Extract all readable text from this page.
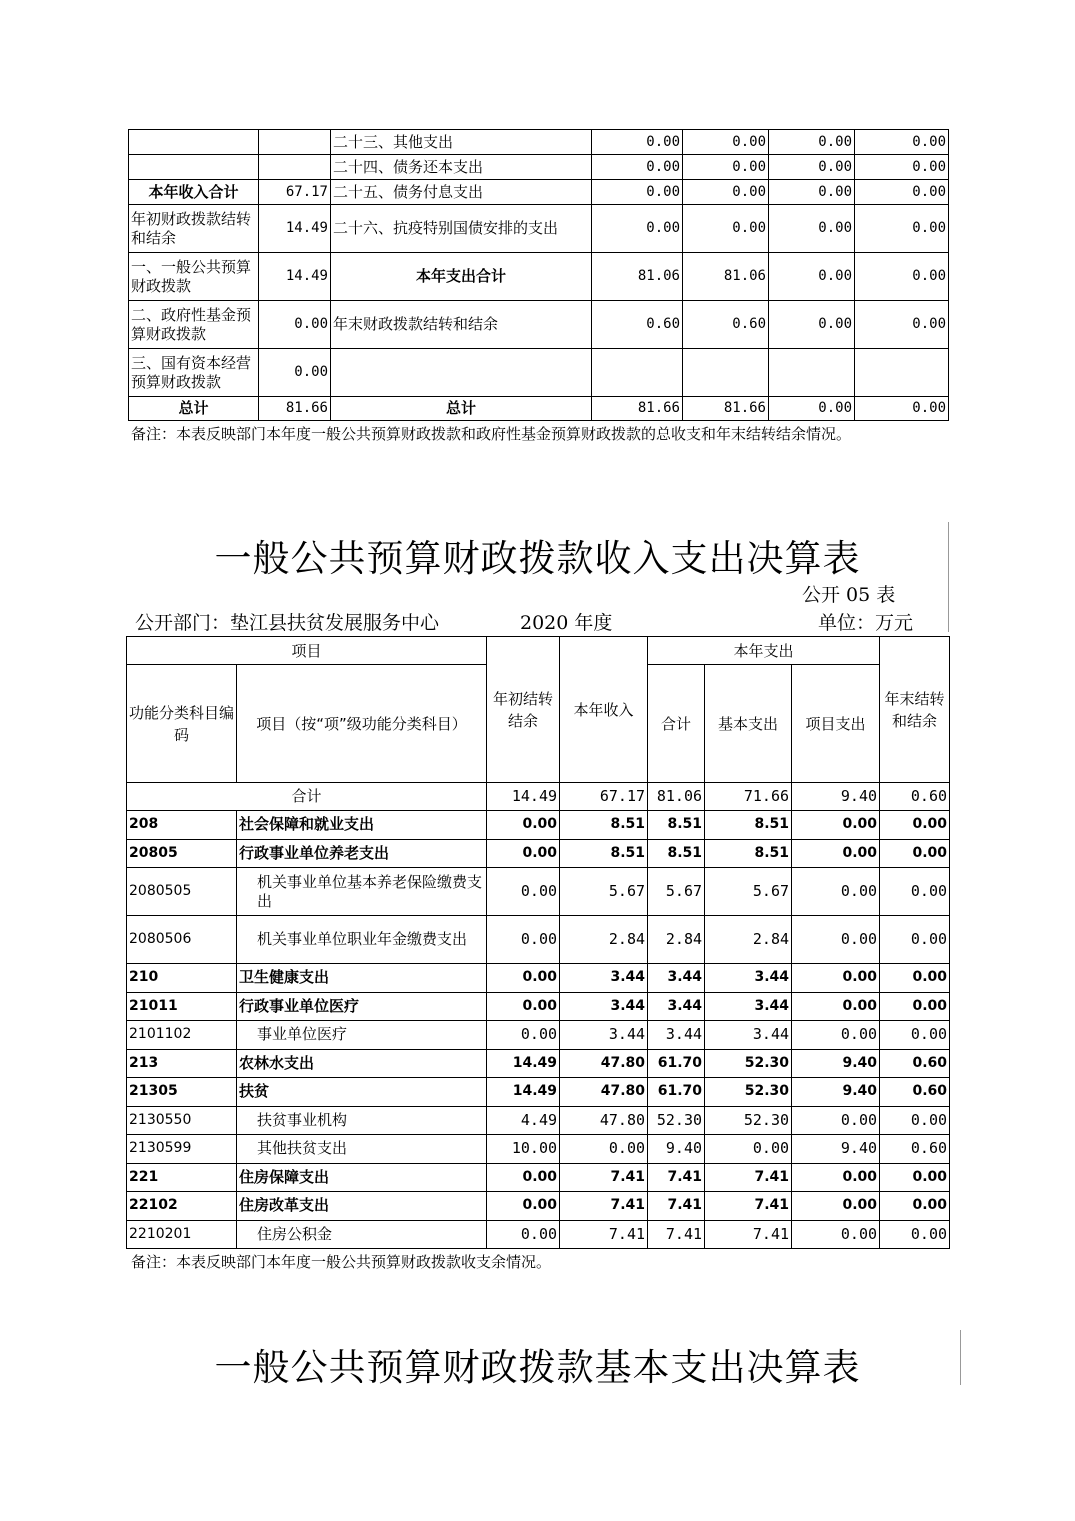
		二十三、其他支出	0.00	0.00	0.00	0.00
		二十四、债务还本支出	0.00	0.00	0.00	0.00
本年收入合计	67.17	二十五、债务付息支出	0.00	0.00	0.00	0.00
年初财政拨款结转和结余	14.49	二十六、抗疫特别国债安排的支出	0.00	0.00	0.00	0.00
一、一般公共预算财政拨款	14.49	本年支出合计	81.06	81.06	0.00	0.00
二、政府性基金预算财政拨款	0.00	年末财政拨款结转和结余	0.60	0.60	0.00	0.00
三、国有资本经营预算财政拨款	0.00					
总计	81.66	总计	81.66	81.66	0.00	0.00
备注：本表反映部门本年度一般公共预算财政拨款和政府性基金预算财政拨款的总收支和年末结转结余情况。
一般公共预算财政拨款收入支出决算表
公开 05 表
公开部门：垫江县扶贫发展服务中心	2020 年度	单位：万元
项目		年初结转结余	本年收入	本年支出			年末结转和结余
功能分类科目编码	项目（按“项”级功能分类科目）			合计	基本支出	项目支出	
合计		14.49	67.17	81.06	71.66	9.40	0.60
208	社会保障和就业支出	0.00	8.51	8.51	8.51	0.00	0.00
20805	行政事业单位养老支出	0.00	8.51	8.51	8.51	0.00	0.00
2080505	机关事业单位基本养老保险缴费支出	0.00	5.67	5.67	5.67	0.00	0.00
2080506	机关事业单位职业年金缴费支出	0.00	2.84	2.84	2.84	0.00	0.00
210	卫生健康支出	0.00	3.44	3.44	3.44	0.00	0.00
21011	行政事业单位医疗	0.00	3.44	3.44	3.44	0.00	0.00
2101102	事业单位医疗	0.00	3.44	3.44	3.44	0.00	0.00
213	农林水支出	14.49	47.80	61.70	52.30	9.40	0.60
21305	扶贫	14.49	47.80	61.70	52.30	9.40	0.60
2130550	扶贫事业机构	4.49	47.80	52.30	52.30	0.00	0.00
2130599	其他扶贫支出	10.00	0.00	9.40	0.00	9.40	0.60
221	住房保障支出	0.00	7.41	7.41	7.41	0.00	0.00
22102	住房改革支出	0.00	7.41	7.41	7.41	0.00	0.00
2210201	住房公积金	0.00	7.41	7.41	7.41	0.00	0.00
备注：本表反映部门本年度一般公共预算财政拨款收支余情况。
一般公共预算财政拨款基本支出决算表
